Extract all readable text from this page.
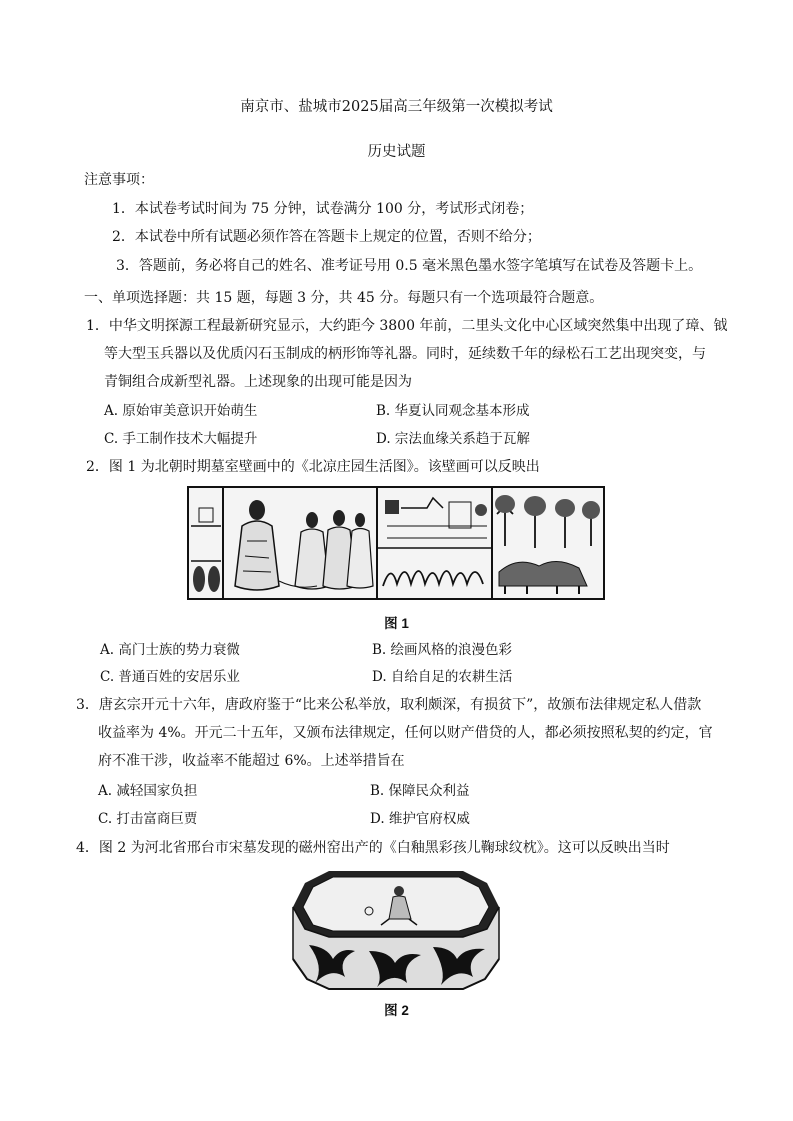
南京市、盐城市2025届高三年级第一次模拟考试
历史试题
注意事项：
1．本试卷考试时间为 75 分钟，试卷满分 100 分，考试形式闭卷；
2．本试卷中所有试题必须作答在答题卡上规定的位置，否则不给分；
3．答题前，务必将自己的姓名、准考证号用 0.5 毫米黑色墨水签字笔填写在试卷及答题卡上。
一、单项选择题：共 15 题，每题 3 分，共 45 分。每题只有一个选项最符合题意。
1．中华文明探源工程最新研究显示，大约距今 3800 年前，二里头文化中心区域突然集中出现了璋、钺
等大型玉兵器以及优质闪石玉制成的柄形饰等礼器。同时，延续数千年的绿松石工艺出现突变，与
青铜组合成新型礼器。上述现象的出现可能是因为
A. 原始审美意识开始萌生	B. 华夏认同观念基本形成
C. 手工制作技术大幅提升	D. 宗法血缘关系趋于瓦解
2．图 1 为北朝时期墓室壁画中的《北凉庄园生活图》。该壁画可以反映出
图 1
A. 高门士族的势力衰微	B. 绘画风格的浪漫色彩
C. 普通百姓的安居乐业	D. 自给自足的农耕生活
3．唐玄宗开元十六年，唐政府鉴于“比来公私举放，取利颇深，有损贫下”，故颁布法律规定私人借款
收益率为 4%。开元二十五年，又颁布法律规定，任何以财产借贷的人，都必须按照私契的约定，官
府不准干涉，收益率不能超过 6%。上述举措旨在
A. 减轻国家负担	B. 保障民众利益
C. 打击富商巨贾	D. 维护官府权威
4．图 2 为河北省邢台市宋墓发现的磁州窑出产的《白釉黑彩孩儿鞠球纹枕》。这可以反映出当时
图 2
